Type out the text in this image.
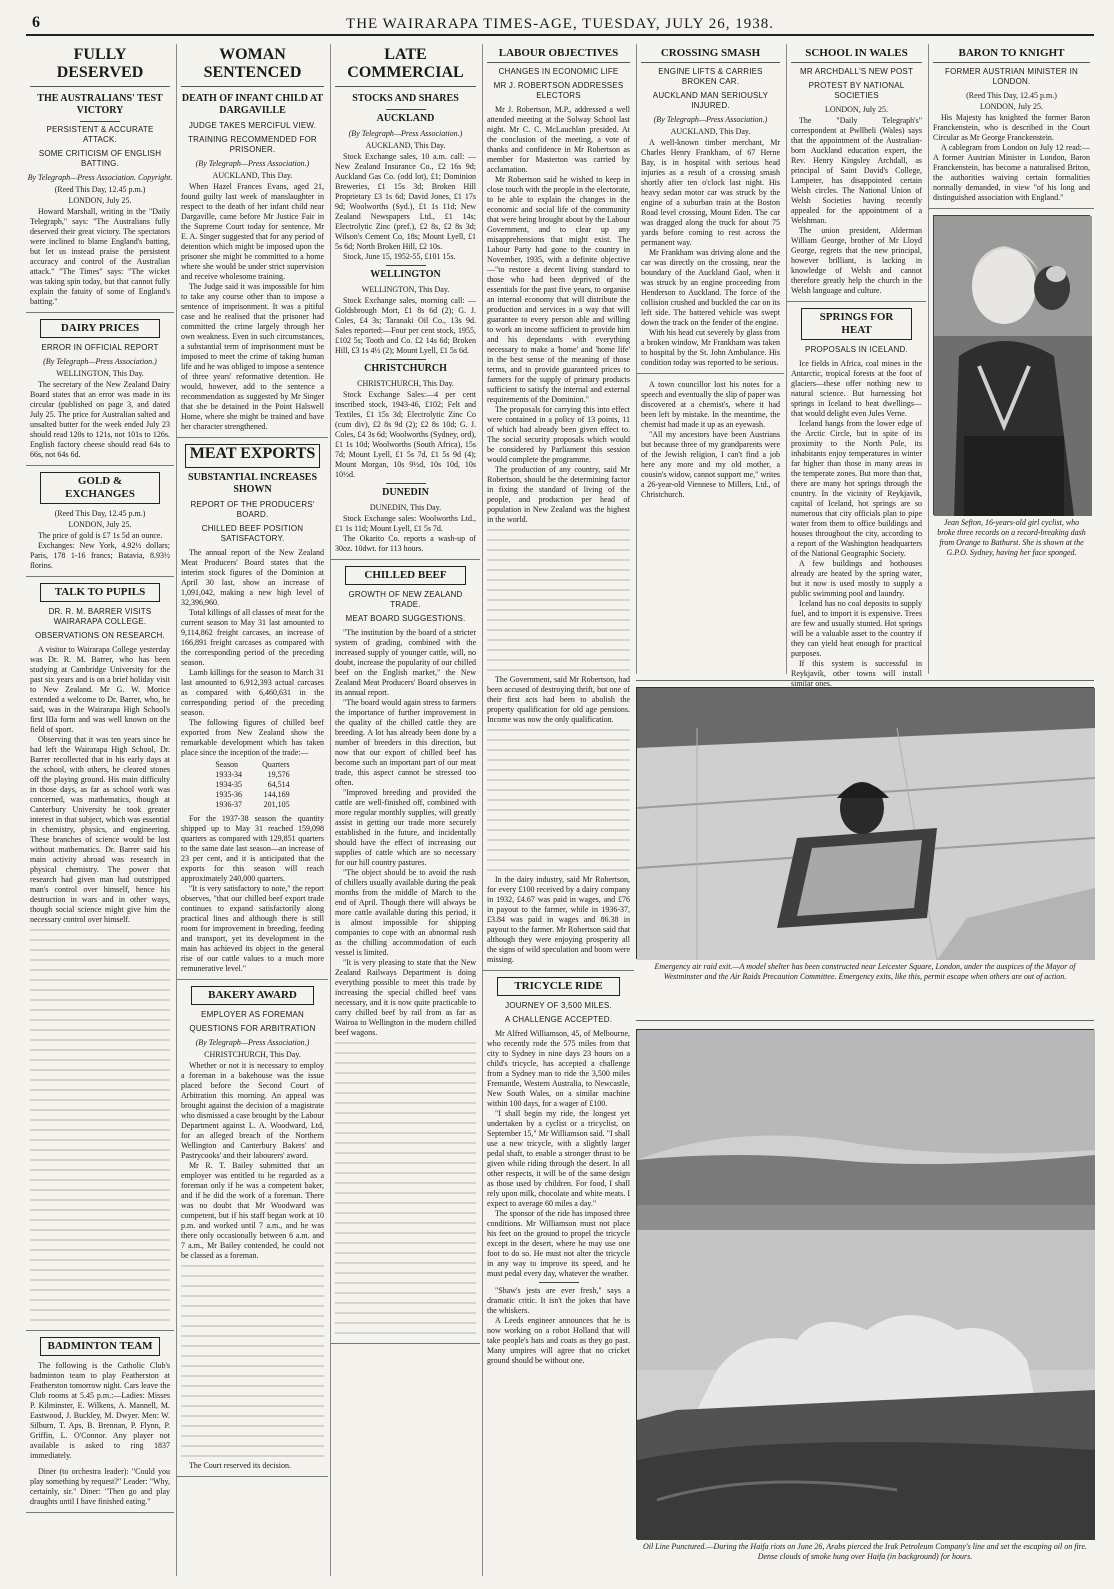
6	THE WAIRARAPA TIMES-AGE, TUESDAY, JULY 26, 1938.
FULLY DESERVED
THE AUSTRALIANS' TEST VICTORY
PERSISTENT & ACCURATE ATTACK.
SOME CRITICISM OF ENGLISH BATTING.
By Telegraph—Press Association. Copyright.
(Reed This Day, 12.45 p.m.)
LONDON, July 25.

Howard Marshall, writing in the "Daily Telegraph," says: "The Australians fully deserved their great victory. The spectators were inclined to blame England's batting, but let us instead praise the persistent accuracy and control of the Australian attack." "The Times" says: "The wicket was taking spin today, but that cannot fully explain the fatuity of some of England's batting."

DAIRY PRICES
ERROR IN OFFICIAL REPORT
(By Telegraph—Press Association.)
WELLINGTON, This Day.

The secretary of the New Zealand Dairy Board states that an error was made in its circular (published on page 3, and dated July 25. The price for Australian salted and unsalted butter for the week ended July 23 should read 120s to 121s, not 101s to 126s. English factory cheese should read 64s to 66s, not 64s 6d.

GOLD & EXCHANGES
(Reed This Day, 12.45 p.m.)
LONDON, July 25.

The price of gold is £7 1s 5d an ounce.

Exchanges: New York, 4.92½ dollars; Paris, 178 1-16 francs; Batavia, 8.93½ florins.

TALK TO PUPILS
DR. R. M. BARRER VISITS WAIRARAPA COLLEGE.
OBSERVATIONS ON RESEARCH.

A visitor to Wairarapa College yesterday was Dr. R. M. Barrer, who has been studying at Cambridge University for the past six years and is on a brief holiday visit to New Zealand. Mr G. W. Morice extended a welcome to Dr. Barrer, who, he said, was in the Wairarapa High School's first IIIa form and was well known on the field of sport.

Observing that it was ten years since he had left the Wairarapa High School, Dr. Barrer recollected that in his early days at the school, with others, he cleared stones off the playing ground. His main difficulty in those days, as far as school work was concerned, was mathematics, though at Canterbury University he took greater interest in that subject, which was essential in chemistry, physics, and engineering. These branches of science would be lost without mathematics. Dr. Barrer said his main activity abroad was research in physical chemistry. The power that research had given man had outstripped man's control over himself, hence his destruction in wars and in other ways, though social science might give him the necessary control over himself.

BADMINTON TEAM

The following is the Catholic Club's badminton team to play Featherston at Featherston tomorrow night. Cars leave the Club rooms at 5.45 p.m.:—Ladies: Misses P. Kilminster, E. Wilkens, A. Mannell, M. Eastwood, J. Buckley, M. Dwyer. Men: W. Silburn, T. Aps, B. Brennan, P. Flynn, P. Griffin, L. O'Connor. Any player not available is asked to ring 1837 immediately.

Diner (to orchestra leader): "Could you play something by request?" Leader: "Why, certainly, sir." Diner: "Then go and play draughts until I have finished eating."

WOMAN SENTENCED
DEATH OF INFANT CHILD AT DARGAVILLE
JUDGE TAKES MERCIFUL VIEW.
TRAINING RECOMMENDED FOR PRISONER.
(By Telegraph—Press Association.)
AUCKLAND, This Day.

When Hazel Frances Evans, aged 21, found guilty last week of manslaughter in respect to the death of her infant child near Dargaville, came before Mr Justice Fair in the Supreme Court today for sentence, Mr E. A. Singer suggested that for any period of detention which might be imposed upon the prisoner she might be committed to a home where she would be under strict supervision and receive wholesome training.

The Judge said it was impossible for him to take any course other than to impose a sentence of imprisonment. It was a pitiful case and he realised that the prisoner had committed the crime largely through her own weakness. Even in such circumstances, a substantial term of imprisonment must be imposed to meet the crime of taking human life and he was obliged to impose a sentence of three years' reformative detention. He would, however, add to the sentence a recommendation as suggested by Mr Singer that she be detained in the Point Halswell Home, where she might be trained and have her character strengthened.

MEAT EXPORTS
SUBSTANTIAL INCREASES SHOWN
REPORT OF THE PRODUCERS' BOARD.
CHILLED BEEF POSITION SATISFACTORY.

The annual report of the New Zealand Meat Producers' Board states that the interim stock figures of the Dominion at April 30 last, show an increase of 1,091,042, making a new high level of 32,396,960.

Total killings of all classes of meat for the current season to May 31 last amounted to 9,114,862 freight carcases, an increase of 166,891 freight carcases as compared with the corresponding period of the preceding season.

Lamb killings for the season to March 31 last amounted to 6,912,393 actual carcases as compared with 6,460,631 in the corresponding period of the preceding season.

The following figures of chilled beef exported from New Zealand show the remarkable development which has taken place since the inception of the trade:—

Season	Quarters
1933-34	19,576
1934-35	64,514
1935-36	144,169
1936-37	201,105

For the 1937-38 season the quantity shipped up to May 31 reached 159,098 quarters as compared with 129,851 quarters to the same date last season—an increase of 23 per cent, and it is anticipated that the exports for this season will reach approximately 240,000 quarters.

"It is very satisfactory to note," the report observes, "that our chilled beef export trade continues to expand satisfactorily along practical lines and although there is still room for improvement in breeding, feeding and transport, yet its development in the main has achieved its object in the general rise of our cattle values to a much more remunerative level."

BAKERY AWARD
EMPLOYER AS FOREMAN
QUESTIONS FOR ARBITRATION
(By Telegraph—Press Association.)
CHRISTCHURCH, This Day.

Whether or not it is necessary to employ a foreman in a bakehouse was the issue placed before the Second Court of Arbitration this morning. An appeal was brought against the decision of a magistrate who dismissed a case brought by the Labour Department against L. A. Woodward, Ltd, for an alleged breach of the Northern Wellington and Canterbury Bakers' and Pastrycooks' and their labourers' award.

Mr R. T. Bailey submitted that an employer was entitled to be regarded as a foreman only if he was a competent baker, and if he did the work of a foreman. There was no doubt that Mr Woodward was competent, but if his staff began work at 10 p.m. and worked until 7 a.m., and he was there only occasionally between 6 a.m. and 7 a.m., Mr Bailey contended, he could not be classed as a foreman.

The Court reserved its decision.

LATE COMMERCIAL
STOCKS AND SHARES
AUCKLAND
(By Telegraph—Press Association.)
AUCKLAND, This Day.

Stock Exchange sales, 10 a.m. call: —New Zealand Insurance Co., £2 16s 9d; Auckland Gas Co. (odd lot), £1; Dominion Breweries, £1 15s 3d; Broken Hill Proprietary £3 1s 6d; David Jones, £1 17s 9d; Woolworths (Syd.), £1 1s 11d; New Zealand Newspapers Ltd., £1 14s; Electrolytic Zinc (pref.), £2 8s, £2 8s 3d; Wilson's Cement Co, 18s; Mount Lyell, £1 5s 6d; North Broken Hill, £2 10s.

Stock, June 15, 1952-55, £101 15s.

WELLINGTON
WELLINGTON, This Day.

Stock Exchange sales, morning call: —Goldsbrough Mort, £1 8s 6d (2); G. J. Coles, £4 3s; Taranaki Oil Co., 13s 9d. Sales reported:—Four per cent stock, 1955, £102 5s; Tooth and Co. £2 14s 6d; Broken Hill, £3 1s 4½ (2); Mount Lyell, £1 5s 6d.

CHRISTCHURCH
CHRISTCHURCH, This Day.

Stock Exchange Sales:—4 per cent inscribed stock, 1943-46, £102; Felt and Textiles, £1 15s 3d; Electrolytic Zinc Co (cum div), £2 8s 9d (2); £2 8s 10d; G. J. Coles, £4 3s 6d; Woolworths (Sydney, ord), £1 1s 10d; Woolworths (South Africa), 15s 7d; Mount Lyell, £1 5s 7d, £1 5s 9d (4); Mount Morgan, 10s 9½d, 10s 10d, 10s 10½d.

DUNEDIN
DUNEDIN, This Day.

Stock Exchange sales: Woolworths Ltd., £1 1s 11d; Mount Lyell, £1 5s 7d.

The Okarito Co. reports a wash-up of 30oz. 10dwt. for 113 hours.

CHILLED BEEF
GROWTH OF NEW ZEALAND TRADE.
MEAT BOARD SUGGESTIONS.

"The institution by the board of a stricter system of grading, combined with the increased supply of younger cattle, will, no doubt, increase the popularity of our chilled beef on the English market," the New Zealand Meat Producers' Board observes in its annual report.

"The board would again stress to farmers the importance of further improvement in the quality of the chilled cattle they are breeding. A lot has already been done by a number of breeders in this direction, but now that our export of chilled beef has become such an important part of our meat trade, this aspect cannot be stressed too often.

"Improved breeding and provided the cattle are well-finished off, combined with more regular monthly supplies, will greatly assist in getting our trade more securely established in the future, and incidentally should have the effect of increasing our supplies of cattle which are so necessary for our hill country pastures.

"The object should be to avoid the rush of chillers usually available during the peak months from the middle of March to the end of April. Though there will always be more cattle available during this period, it is almost impossible for shipping companies to cope with an abnormal rush as the chilling accommodation of each vessel is limited.

"It is very pleasing to state that the New Zealand Railways Department is doing everything possible to meet this trade by increasing the special chilled beef vans necessary, and it is now quite practicable to carry chilled beef by rail from as far as Wairoa to Wellington in the modern chilled beef wagons.

LABOUR OBJECTIVES
CHANGES IN ECONOMIC LIFE
MR J. ROBERTSON ADDRESSES ELECTORS

Mr J. Robertson, M.P., addressed a well attended meeting at the Solway School last night. Mr C. C. McLauchlan presided. At the conclusion of the meeting, a vote of thanks and confidence in Mr Robertson as member for Masterton was carried by acclamation.

Mr Robertson said he wished to keep in close touch with the people in the electorate, to be able to explain the changes in the economic and social life of the community that were being brought about by the Labour Government, and to clear up any misapprehensions that might exist. The Labour Party had gone to the country in November, 1935, with a definite objective—"to restore a decent living standard to those who had been deprived of the essentials for the past five years, to organise an internal economy that will distribute the production and services in a way that will guarantee to every person able and willing to work an income sufficient to provide him and his dependants with everything necessary to make a 'home' and 'home life' in the best sense of the meaning of those terms, and to provide guaranteed prices to farmers for the supply of primary products sufficient to satisfy the internal and external requirements of the Dominion."

The proposals for carrying this into effect were contained in a policy of 13 points, 11 of which had already been given effect to. The social security proposals which would be considered by Parliament this session would complete the programme.

The production of any country, said Mr Robertson, should be the determining factor in fixing the standard of living of the people, and production per head of population in New Zealand was the highest in the world.

The Government, said Mr Robertson, had been accused of destroying thrift, but one of their first acts had been to abolish the property qualification for old age pensions. Income was now the only qualification.

In the dairy industry, said Mr Robertson, for every £100 received by a dairy company in 1932, £4.67 was paid in wages, and £76 in payout to the farmer, while in 1936-37, £3.84 was paid in wages and 86.38 in payout to the farmer. Mr Robertson said that although they were enjoying prosperity all the signs of wild speculation and boom were missing.

TRICYCLE RIDE
JOURNEY OF 3,500 MILES.
A CHALLENGE ACCEPTED.

Mr Alfred Williamson, 45, of Melbourne, who recently rode the 575 miles from that city to Sydney in nine days 23 hours on a child's tricycle, has accepted a challenge from a Sydney man to ride the 3,500 miles Fremantle, Western Australia, to Newcastle, New South Wales, on a similar machine within 100 days, for a wager of £100.

"I shall begin my ride, the longest yet undertaken by a cyclist or a tricyclist, on September 15," Mr Williamson said. "I shall use a new tricycle, with a slightly larger pedal shaft, to enable a stronger thrust to be given while riding through the desert. In all other respects, it will be of the same design as those used by children. For food, I shall rely upon milk, chocolate and white meats. I expect to average 60 miles a day."

The sponsor of the ride has imposed three conditions. Mr Williamson must not place his feet on the ground to propel the tricycle except in the desert, where he may use one foot to do so. He must not alter the tricycle in any way to improve its speed, and he must pedal every day, whatever the weather.

"Shaw's jests are ever fresh," says a dramatic critic. It isn't the jokes that have the whiskers.

A Leeds engineer announces that he is now working on a robot Holland that will take people's hats and coats as they go past. Many umpires will agree that no cricket ground should be without one.

CROSSING SMASH
ENGINE LIFTS & CARRIES BROKEN CAR.
AUCKLAND MAN SERIOUSLY INJURED.
(By Telegraph—Press Association.)
AUCKLAND, This Day.

A well-known timber merchant, Mr Charles Henry Frankham, of 67 Herne Bay, is in hospital with serious head injuries as a result of a crossing smash shortly after ten o'clock last night. His heavy sedan motor car was struck by the engine of a suburban train at the Boston Road level crossing, Mount Eden. The car was dragged along the truck for about 75 yards before coming to rest across the permanent way.

Mr Frankham was driving alone and the car was directly on the crossing, near the boundary of the Auckland Gaol, when it was struck by an engine proceeding from Henderson to Auckland. The force of the collision crushed and buckled the car on its left side. The battered vehicle was swept down the track on the fender of the engine.

With his head cut severely by glass from a broken window, Mr Frankham was taken to hospital by the St. John Ambulance. His condition today was reported to be serious.

A town councillor lost his notes for a speech and eventually the slip of paper was discovered at a chemist's, where it had been left by mistake. In the meantime, the chemist had made it up as an eyewash.

"All my ancestors have been Austrians but because three of my grandparents were of the Jewish religion, I can't find a job here any more and my old mother, a cousin's widow, cannot support me," writes a 26-year-old Viennese to Millers, Ltd., of Christchurch.

SCHOOL IN WALES
MR ARCHDALL'S NEW POST
PROTEST BY NATIONAL SOCIETIES
LONDON, July 25.

The "Daily Telegraph's" correspondent at Pwllheli (Wales) says that the appointment of the Australian-born Auckland education expert, the Rev. Henry Kingsley Archdall, as principal of Saint David's College, Lampeter, has disappointed certain Welsh circles. The National Union of Welsh Societies having recently appealed for the appointment of a Welshman.

The union president, Alderman William George, brother of Mr Lloyd George, regrets that the new principal, however brilliant, is lacking in knowledge of Welsh and cannot therefore greatly help the church in the Welsh language and culture.

SPRINGS FOR HEAT
PROPOSALS IN ICELAND.

Ice fields in Africa, coal mines in the Antarctic, tropical forests at the foot of glaciers—these offer nothing new to natural science. But harnessing hot springs in Iceland to heat dwellings—that would delight even Jules Verne.

Iceland hangs from the lower edge of the Arctic Circle, but in spite of its proximity to the North Pole, its inhabitants enjoy temperatures in winter far higher than those in many areas in the temperate zones. But more than that, there are many hot springs through the country. In the vicinity of Reykjavik, capital of Iceland, hot springs are so numerous that city officials plan to pipe water from them to office buildings and houses throughout the city, according to a report of the Washington headquarters of the National Geographic Society.

A few buildings and hothouses already are heated by the spring water, but it now is used mostly to supply a public swimming pool and laundry.

Iceland has no coal deposits to supply fuel, and to import it is expensive. Trees are few and usually stunted. Hot springs will be a valuable asset to the country if they can yield heat enough for practical purposes.

If this system is successful in Reykjavik, other towns will install similar ones.

BARON TO KNIGHT
FORMER AUSTRIAN MINISTER IN LONDON.
(Reed This Day, 12.45 p.m.)
LONDON, July 25.

His Majesty has knighted the former Baron Franckenstein, who is described in the Court Circular as Mr George Franckenstein.

A cablegram from London on July 12 read:—A former Austrian Minister in London, Baron Franckenstein, has become a naturalised Briton, the authorities waiving certain formalities normally demanded, in view "of his long and distinguished association with England."

Jean Sefton, 16-years-old girl cyclist, who broke three records on a record-breaking dash from Orange to Bathurst. She is shown at the G.P.O. Sydney, having her face sponged.

Emergency air raid exit.—A model shelter has been constructed near Leicester Square, London, under the auspices of the Mayor of Westminster and the Air Raids Precaution Committee. Emergency exits, like this, permit escape when others are out of action.

Oil Line Punctured.—During the Haifa riots on June 26, Arabs pierced the Irak Petroleum Company's line and set the escaping oil on fire. Dense clouds of smoke hung over Haifa (in background) for hours.
